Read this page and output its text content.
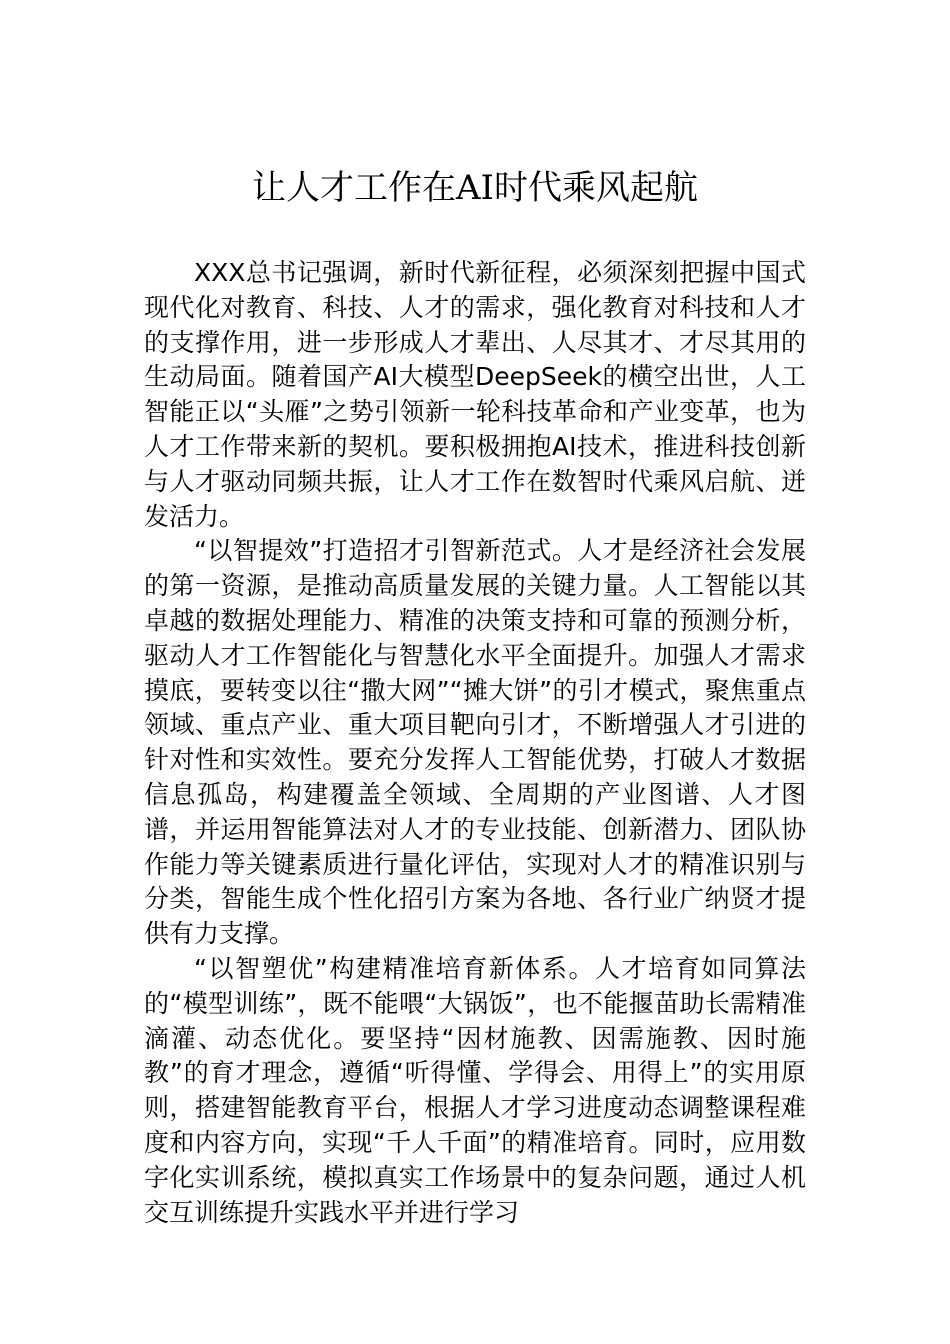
让人才工作在AI时代乘风起航

XXX总书记强调，新时代新征程，必须深刻把握中国式现代化对教育、科技、人才的需求，强化教育对科技和人才的支撑作用，进一步形成人才辈出、人尽其才、才尽其用的生动局面。随着国产AI大模型DeepSeek的横空出世，人工智能正以“头雁”之势引领新一轮科技革命和产业变革，也为人才工作带来新的契机。要积极拥抱AI技术，推进科技创新与人才驱动同频共振，让人才工作在数智时代乘风启航、迸发活力。

“以智提效”打造招才引智新范式。人才是经济社会发展的第一资源，是推动高质量发展的关键力量。人工智能以其卓越的数据处理能力、精准的决策支持和可靠的预测分析，驱动人才工作智能化与智慧化水平全面提升。加强人才需求摸底，要转变以往“撒大网”“摊大饼”的引才模式，聚焦重点领域、重点产业、重大项目靶向引才，不断增强人才引进的针对性和实效性。要充分发挥人工智能优势，打破人才数据信息孤岛，构建覆盖全领域、全周期的产业图谱、人才图谱，并运用智能算法对人才的专业技能、创新潜力、团队协作能力等关键素质进行量化评估，实现对人才的精准识别与分类，智能生成个性化招引方案为各地、各行业广纳贤才提供有力支撑。

“以智塑优”构建精准培育新体系。人才培育如同算法的“模型训练”，既不能喂“大锅饭”，也不能揠苗助长需精准滴灌、动态优化。要坚持“因材施教、因需施教、因时施教”的育才理念，遵循“听得懂、学得会、用得上”的实用原则，搭建智能教育平台，根据人才学习进度动态调整课程难度和内容方向，实现“千人千面”的精准培育。同时，应用数字化实训系统，模拟真实工作场景中的复杂问题，通过人机交互训练提升实践水平并进行学习
